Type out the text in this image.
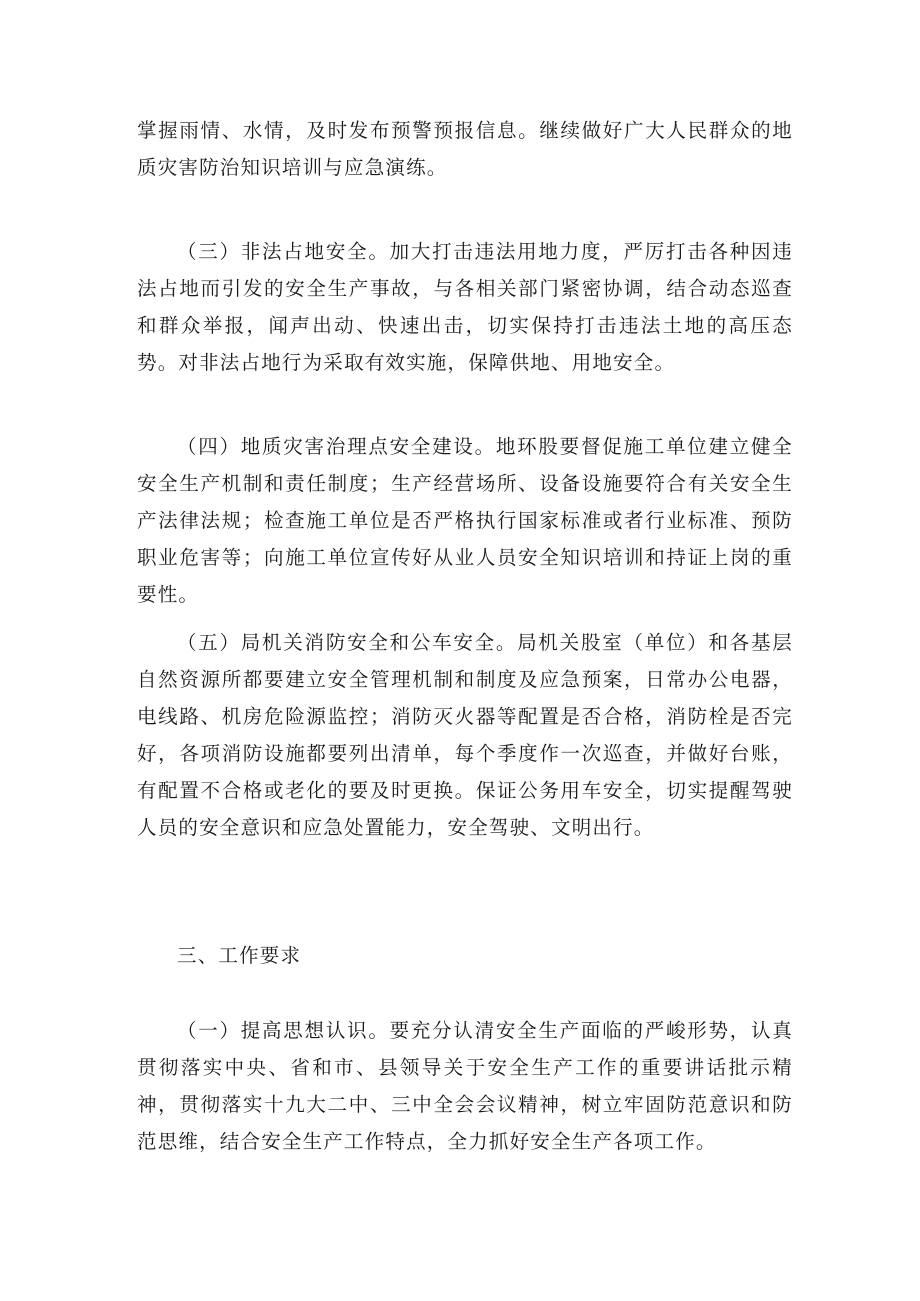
掌握雨情、水情，及时发布预警预报信息。继续做好广大人民群众的地质灾害防治知识培训与应急演练。

（三）非法占地安全。加大打击违法用地力度，严厉打击各种因违法占地而引发的安全生产事故，与各相关部门紧密协调，结合动态巡查和群众举报，闻声出动、快速出击，切实保持打击违法土地的高压态势。对非法占地行为采取有效实施，保障供地、用地安全。

（四）地质灾害治理点安全建设。地环股要督促施工单位建立健全安全生产机制和责任制度；生产经营场所、设备设施要符合有关安全生产法律法规；检查施工单位是否严格执行国家标准或者行业标准、预防职业危害等；向施工单位宣传好从业人员安全知识培训和持证上岗的重要性。

（五）局机关消防安全和公车安全。局机关股室（单位）和各基层自然资源所都要建立安全管理机制和制度及应急预案，日常办公电器，电线路、机房危险源监控；消防灭火器等配置是否合格，消防栓是否完好，各项消防设施都要列出清单，每个季度作一次巡查，并做好台账，有配置不合格或老化的要及时更换。保证公务用车安全，切实提醒驾驶人员的安全意识和应急处置能力，安全驾驶、文明出行。

三、工作要求

（一）提高思想认识。要充分认清安全生产面临的严峻形势，认真贯彻落实中央、省和市、县领导关于安全生产工作的重要讲话批示精神，贯彻落实十九大二中、三中全会会议精神，树立牢固防范意识和防范思维，结合安全生产工作特点，全力抓好安全生产各项工作。
